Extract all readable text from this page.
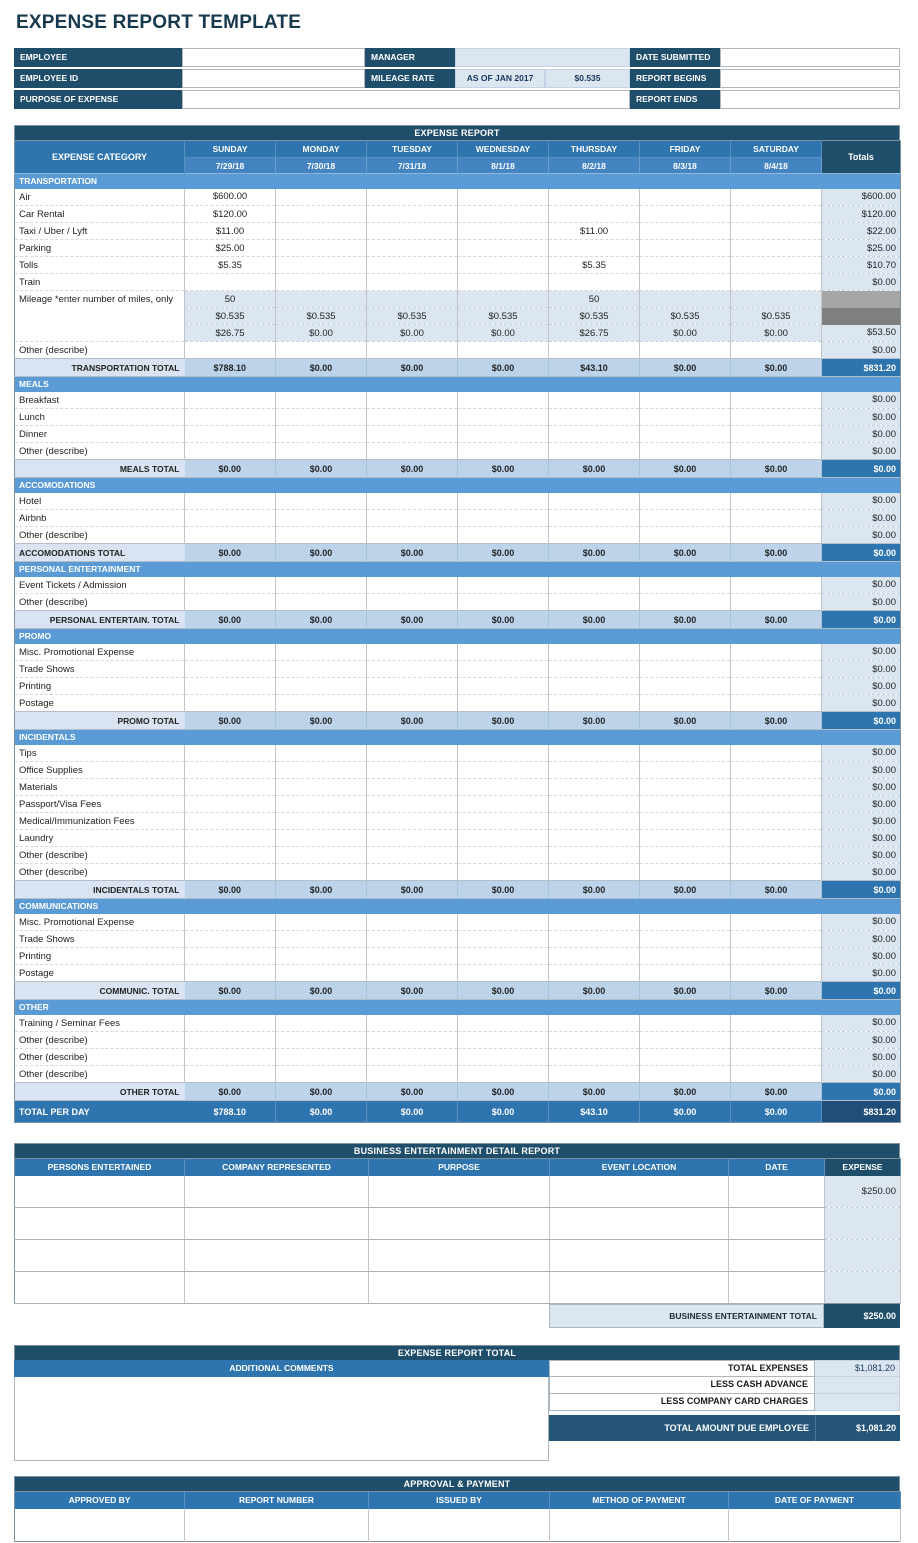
EXPENSE REPORT TEMPLATE
EMPLOYEE	MANAGER	DATE SUBMITTED
EMPLOYEE ID	MILEAGE RATE	AS OF JAN 2017	$0.535	REPORT BEGINS
PURPOSE OF EXPENSE	REPORT ENDS
EXPENSE REPORT
EXPENSE CATEGORY	SUNDAY	MONDAY	TUESDAY	WEDNESDAY	THURSDAY	FRIDAY	SATURDAY	Totals
	7/29/18	7/30/18	7/31/18	8/1/18	8/2/18	8/3/18	8/4/18	
TRANSPORTATION								
Air	$600.00							$600.00
Car Rental	$120.00							$120.00
Taxi / Uber / Lyft	$11.00				$11.00			$22.00
Parking	$25.00							$25.00
Tolls	$5.35				$5.35			$10.70
Train								$0.00
Mileage *enter number of miles, only	50				50			
	$0.535	$0.535	$0.535	$0.535	$0.535	$0.535	$0.535	
	$26.75	$0.00	$0.00	$0.00	$26.75	$0.00	$0.00	$53.50
Other (describe)								$0.00
TRANSPORTATION TOTAL	$788.10	$0.00	$0.00	$0.00	$43.10	$0.00	$0.00	$831.20
MEALS								
Breakfast								$0.00
Lunch								$0.00
Dinner								$0.00
Other (describe)								$0.00
MEALS TOTAL	$0.00	$0.00	$0.00	$0.00	$0.00	$0.00	$0.00	$0.00
ACCOMODATIONS								
Hotel								$0.00
Airbnb								$0.00
Other (describe)								$0.00
ACCOMODATIONS TOTAL	$0.00	$0.00	$0.00	$0.00	$0.00	$0.00	$0.00	$0.00
PERSONAL ENTERTAINMENT								
Event Tickets / Admission								$0.00
Other (describe)								$0.00
PERSONAL ENTERTAIN. TOTAL	$0.00	$0.00	$0.00	$0.00	$0.00	$0.00	$0.00	$0.00
PROMO								
Misc. Promotional Expense								$0.00
Trade Shows								$0.00
Printing								$0.00
Postage								$0.00
PROMO TOTAL	$0.00	$0.00	$0.00	$0.00	$0.00	$0.00	$0.00	$0.00
INCIDENTALS								
Tips								$0.00
Office Supplies								$0.00
Materials								$0.00
Passport/Visa Fees								$0.00
Medical/Immunization Fees								$0.00
Laundry								$0.00
Other (describe)								$0.00
Other (describe)								$0.00
INCIDENTALS TOTAL	$0.00	$0.00	$0.00	$0.00	$0.00	$0.00	$0.00	$0.00
COMMUNICATIONS								
Misc. Promotional Expense								$0.00
Trade Shows								$0.00
Printing								$0.00
Postage								$0.00
COMMUNIC. TOTAL	$0.00	$0.00	$0.00	$0.00	$0.00	$0.00	$0.00	$0.00
OTHER								
Training / Seminar Fees								$0.00
Other (describe)								$0.00
Other (describe)								$0.00
Other (describe)								$0.00
OTHER TOTAL	$0.00	$0.00	$0.00	$0.00	$0.00	$0.00	$0.00	$0.00
TOTAL PER DAY	$788.10	$0.00	$0.00	$0.00	$43.10	$0.00	$0.00	$831.20
BUSINESS ENTERTAINMENT DETAIL REPORT
PERSONS ENTERTAINED	COMPANY REPRESENTED	PURPOSE	EVENT LOCATION	DATE	EXPENSE
					$250.00

BUSINESS ENTERTAINMENT TOTAL	$250.00
EXPENSE REPORT TOTAL
ADDITIONAL COMMENTS	TOTAL EXPENSES	$1,081.20
LESS CASH ADVANCE
LESS COMPANY CARD CHARGES
TOTAL AMOUNT DUE EMPLOYEE	$1,081.20
APPROVAL & PAYMENT
APPROVED BY	REPORT NUMBER	ISSUED BY	METHOD OF PAYMENT	DATE OF PAYMENT
